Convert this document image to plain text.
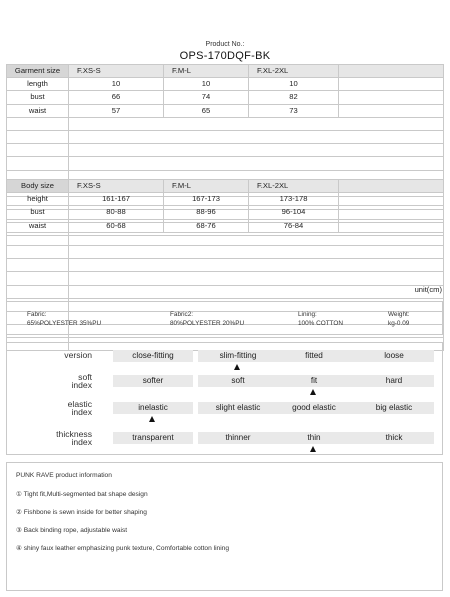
Product No.:
OPS-170DQF-BK
Garment size	F.XS-S	F.M-L	F.XL-2XL	
length	10	10	10	
bust	66	74	82	
waist	57	65	73	

Body size	F.XS-S	F.M-L	F.XL-2XL	
height	161-167	167-173	173-178	
bust	80-88	88-96	96-104	
waist	60-68	68-76	76-84	

unit(cm)
Fabric:
65%POLYESTER 35%PU
Fabric2:
80%POLYESTER 20%PU
Lining:
100% COTTON
Weight:
kg-0.09
version	close-fitting	slim-fitting	fitted	loose
soft
index	softer	soft	fit	hard
elastic
index	inelastic	slight elastic	good elastic	big elastic
thickness
index	transparent	thinner	thin	thick
PUNK RAVE product information
① Tight fit,Multi-segmented bat shape design
② Fishbone is sewn inside for better shaping
③ Back binding rope, adjustable waist
④ shiny faux leather emphasizing punk texture, Comfortable cotton lining
